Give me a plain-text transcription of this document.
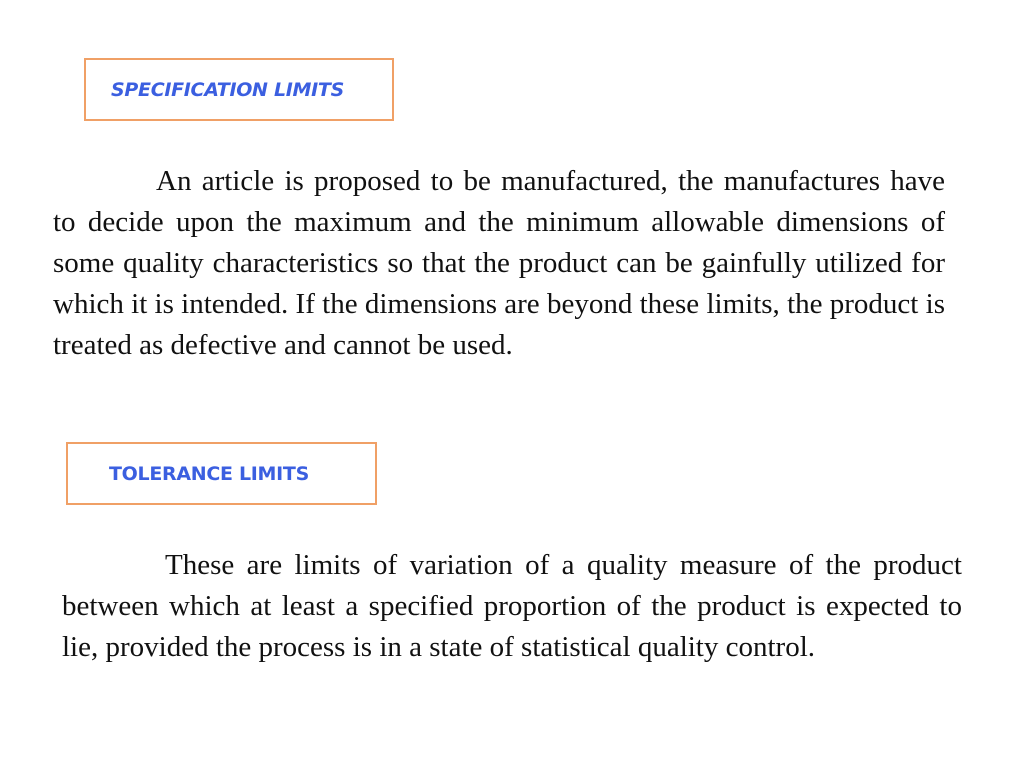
SPECIFICATION LIMITS

An article is proposed to be manufactured, the manufactures have to decide upon the maximum and the minimum allowable dimensions of some quality characteristics so that the product can be gainfully utilized for which it is intended. If the dimensions are beyond these limits, the product is treated as defective and cannot be used.

TOLERANCE LIMITS

These are limits of variation of a quality measure of the product between which at least a specified proportion of the product is expected to lie, provided the process is in a state of statistical quality control.
